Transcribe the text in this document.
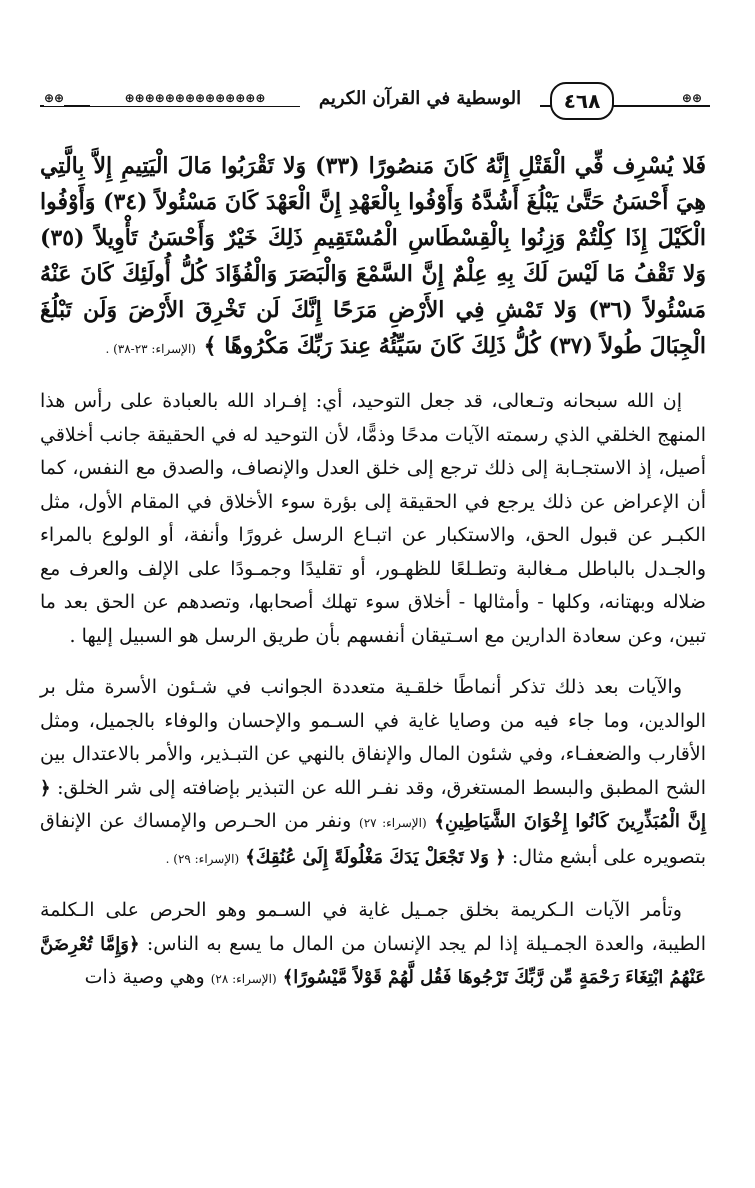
⊕⊕
٤٦٨
الوسطية في القرآن الكريم
⊕⊕⊕⊕⊕⊕⊕⊕⊕⊕⊕⊕⊕⊕
⊕⊕
فَلا يُسْرِف فِّي الْقَتْلِ إِنَّهُ كَانَ مَنصُورًا (٣٣) وَلا تَقْرَبُوا مَالَ الْيَتِيمِ إِلاَّ بِالَّتِي هِيَ أَحْسَنُ حَتَّىٰ يَبْلُغَ أَشُدَّهُ وَأَوْفُوا بِالْعَهْدِ إِنَّ الْعَهْدَ كَانَ مَسْئُولاً (٣٤) وَأَوْفُوا الْكَيْلَ إِذَا كِلْتُمْ وَزِنُوا بِالْقِسْطَاسِ الْمُسْتَقِيمِ ذَلِكَ خَيْرٌ وَأَحْسَنُ تَأْوِيلاً (٣٥) وَلا تَقْفُ مَا لَيْسَ لَكَ بِهِ عِلْمٌ إِنَّ السَّمْعَ وَالْبَصَرَ وَالْفُؤَادَ كُلُّ أُولَئِكَ كَانَ عَنْهُ مَسْئُولاً (٣٦) وَلا تَمْشِ فِي الأَرْضِ مَرَحًا إِنَّكَ لَن تَخْرِقَ الأَرْضَ وَلَن تَبْلُغَ الْجِبَالَ طُولاً (٣٧) كُلُّ ذَلِكَ كَانَ سَيِّئُهُ عِندَ رَبِّكَ مَكْرُوهًا ﴾ (الإسراء: ٢٣-٣٨) .

إن الله سبحانه وتـعالى، قد جعل التوحيد، أي: إفـراد الله بالعبادة على رأس هذا المنهج الخلقي الذي رسمته الآيات مدحًا وذمًّا، لأن التوحيد له في الحقيقة جانب أخلاقي أصيل، إذ الاستجـابة إلى ذلك ترجع إلى خلق العدل والإنصاف، والصدق مع النفس، كما أن الإعراض عن ذلك يرجع في الحقيقة إلى بؤرة سوء الأخلاق في المقام الأول، مثل الكبـر عن قبول الحق، والاستكبار عن اتبـاع الرسل غرورًا وأنفة، أو الولوع بالمراء والجـدل بالباطل مـغالبة وتطـلعًا للظهـور، أو تقليدًا وجمـودًا على الإلف والعرف مع ضلاله وبهتانه، وكلها - وأمثالها - أخلاق سوء تهلك أصحابها، وتصدهم عن الحق بعد ما تبين، وعن سعادة الدارين مع اسـتيقان أنفسهم بأن طريق الرسل هو السبيل إليها .

والآيات بعد ذلك تذكر أنماطًا خلقـية متعددة الجوانب في شـئون الأسرة مثل بر الوالدين، وما جاء فيه من وصايا غاية في السـمو والإحسان والوفاء بالجميل، ومثل الأقارب والضعفـاء، وفي شئون المال والإنفاق بالنهي عن التبـذير، والأمر بالاعتدال بين الشح المطبق والبسط المستغرق، وقد نفـر الله عن التبذير بإضافته إلى شر الخلق: ﴿ إِنَّ الْمُبَذِّرِينَ كَانُوا إِخْوَانَ الشَّيَاطِينِ﴾ (الإسراء: ٢٧) ونفر من الحـرص والإمساك عن الإنفاق بتصويره على أبشع مثال: ﴿ وَلا تَجْعَلْ يَدَكَ مَغْلُولَةً إِلَىٰ عُنُقِكَ﴾ (الإسراء: ٢٩) .

وتأمر الآيات الـكريمة بخلق جمـيل غاية في السـمو وهو الحرص على الـكلمة الطيبة، والعدة الجمـيلة إذا لم يجد الإنسان من المال ما يسع به الناس: ﴿وَإِمَّا تُعْرِضَنَّ عَنْهُمُ ابْتِغَاءَ رَحْمَةٍ مِّن رَّبِّكَ تَرْجُوهَا فَقُل لَّهُمْ قَوْلاً مَّيْسُورًا﴾ (الإسراء: ٢٨) وهي وصية ذات
